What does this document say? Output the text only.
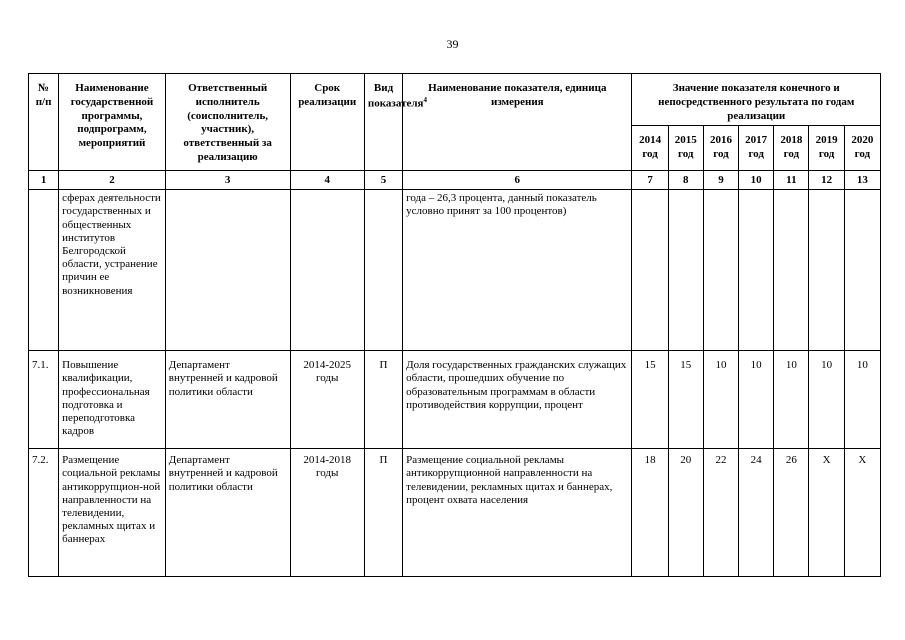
39
№ п/п	Наименование государственной программы, подпрограмм, мероприятий	Ответственный исполнитель (соисполнитель, участник), ответственный за реализацию	Срок реализации	Вид показателя$^4$	Наименование показателя, единица измерения	Значение показателя конечного и непосредственного результата по годам реализации						
						2014 год	2015 год	2016 год	2017 год	2018 год	2019 год	2020 год
1	2	3	4	5	6	7	8	9	10	11	12	13
	сферах деятельности государственных и общественных институтов Белгородской области, устранение причин ее возникновения				года – 26,3 процента, данный показатель условно принят за 100 процентов)							
7.1.	Повышение квалификации, профессиональная подготовка и переподготовка кадров	Департамент внутренней и кадровой политики области	2014-2025 годы	П	Доля государственных гражданских служащих области, прошедших обучение по образовательным программам в области противодействия коррупции, процент	15	15	10	10	10	10	10
7.2.	Размещение социальной рекламы антикоррупцион-ной направленности на телевидении, рекламных щитах и баннерах	Департамент внутренней и кадровой политики области	2014-2018 годы	П	Размещение социальной рекламы антикоррупционной направленности на телевидении, рекламных щитах и баннерах, процент охвата населения	18	20	22	24	26	Х	Х
